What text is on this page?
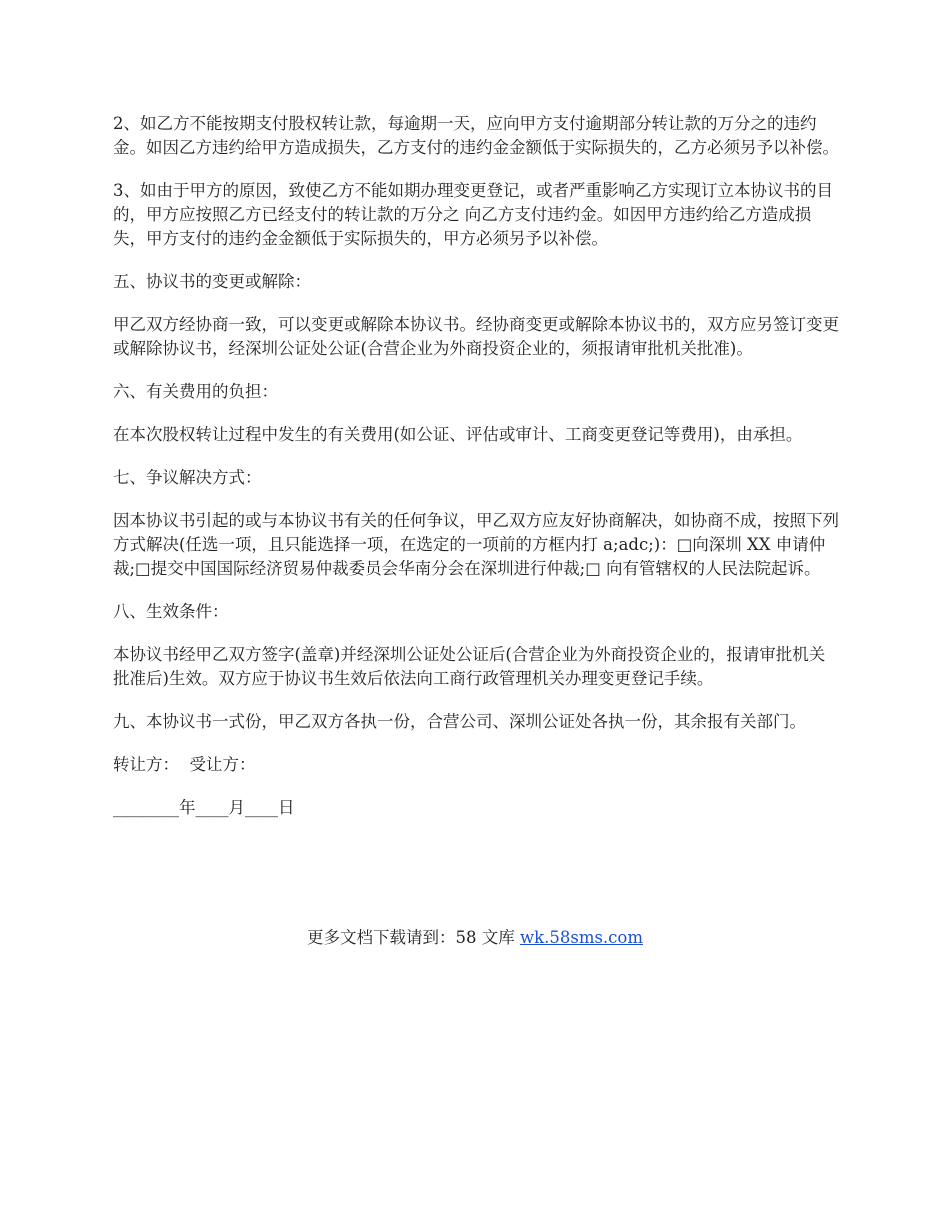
2、如乙方不能按期支付股权转让款，每逾期一天，应向甲方支付逾期部分转让款的万分之的违约金。如因乙方违约给甲方造成损失，乙方支付的违约金金额低于实际损失的，乙方必须另予以补偿。

3、如由于甲方的原因，致使乙方不能如期办理变更登记，或者严重影响乙方实现订立本协议书的目的，甲方应按照乙方已经支付的转让款的万分之 向乙方支付违约金。如因甲方违约给乙方造成损失，甲方支付的违约金金额低于实际损失的，甲方必须另予以补偿。

五、协议书的变更或解除：

甲乙双方经协商一致，可以变更或解除本协议书。经协商变更或解除本协议书的，双方应另签订变更或解除协议书，经深圳公证处公证(合营企业为外商投资企业的，须报请审批机关批准)。

六、有关费用的负担：

在本次股权转让过程中发生的有关费用(如公证、评估或审计、工商变更登记等费用)，由承担。

七、争议解决方式：

因本协议书引起的或与本协议书有关的任何争议，甲乙双方应友好协商解决，如协商不成，按照下列方式解决(任选一项，且只能选择一项，在选定的一项前的方框内打 a;adc;)：□向深圳 XX 申请仲裁;□提交中国国际经济贸易仲裁委员会华南分会在深圳进行仲裁;□ 向有管辖权的人民法院起诉。

八、生效条件：

本协议书经甲乙双方签字(盖章)并经深圳公证处公证后(合营企业为外商投资企业的，报请审批机关批准后)生效。双方应于协议书生效后依法向工商行政管理机关办理变更登记手续。

九、本协议书一式份，甲乙双方各执一份，合营公司、深圳公证处各执一份，其余报有关部门。

转让方：  受让方：

________年____月____日

更多文档下载请到：58 文库 wk.58sms.com
